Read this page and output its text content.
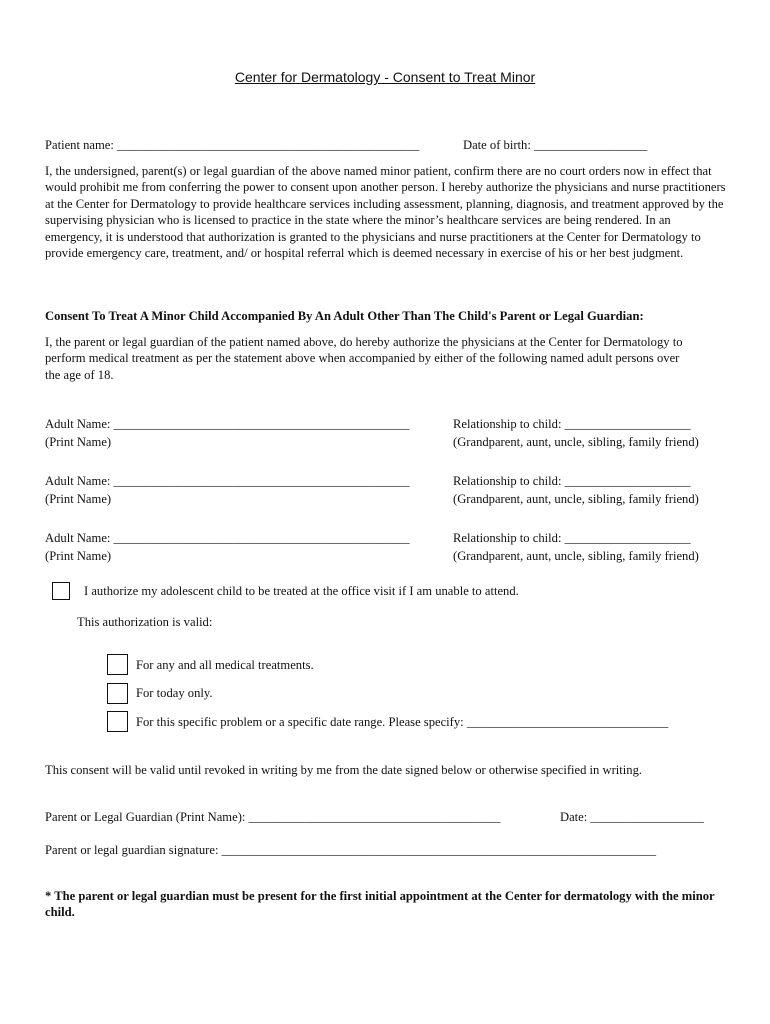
Center for Dermatology - Consent to Treat Minor
Patient name: ________________________________________________	Date of birth: __________________
I, the undersigned, parent(s) or legal guardian of the above named minor patient, confirm there are no court orders now in effect that would prohibit me from conferring the power to consent upon another person. I hereby authorize the physicians and nurse practitioners at the Center for Dermatology to provide healthcare services including assessment, planning, diagnosis, and treatment approved by the supervising physician who is licensed to practice in the state where the minor’s healthcare services are being rendered. In an emergency, it is understood that authorization is granted to the physicians and nurse practitioners at the Center for Dermatology to provide emergency care, treatment, and/ or hospital referral which is deemed necessary in exercise of his or her best judgment.
Consent To Treat A Minor Child Accompanied By An Adult Other Than The Child's Parent or Legal Guardian:
I, the parent or legal guardian of the patient named above, do hereby authorize the physicians at the Center for Dermatology to perform medical treatment as per the statement above when accompanied by either of the following named adult persons over the age of 18.
Adult Name: _______________________________________________
(Print Name)
Relationship to child: ____________________
(Grandparent, aunt, uncle, sibling, family friend)
Adult Name: _______________________________________________
(Print Name)
Relationship to child: ____________________
(Grandparent, aunt, uncle, sibling, family friend)
Adult Name: _______________________________________________
(Print Name)
Relationship to child: ____________________
(Grandparent, aunt, uncle, sibling, family friend)
I authorize my adolescent child to be treated at the office visit if I am unable to attend.
This authorization is valid:
For any and all medical treatments.
For today only.
For this specific problem or a specific date range. Please specify: ________________________________
This consent will be valid until revoked in writing by me from the date signed below or otherwise specified in writing.
Parent or Legal Guardian (Print Name): ________________________________________	Date: __________________
Parent or legal guardian signature: _____________________________________________________________________
* The parent or legal guardian must be present for the first initial appointment at the Center for dermatology with the minor child.
